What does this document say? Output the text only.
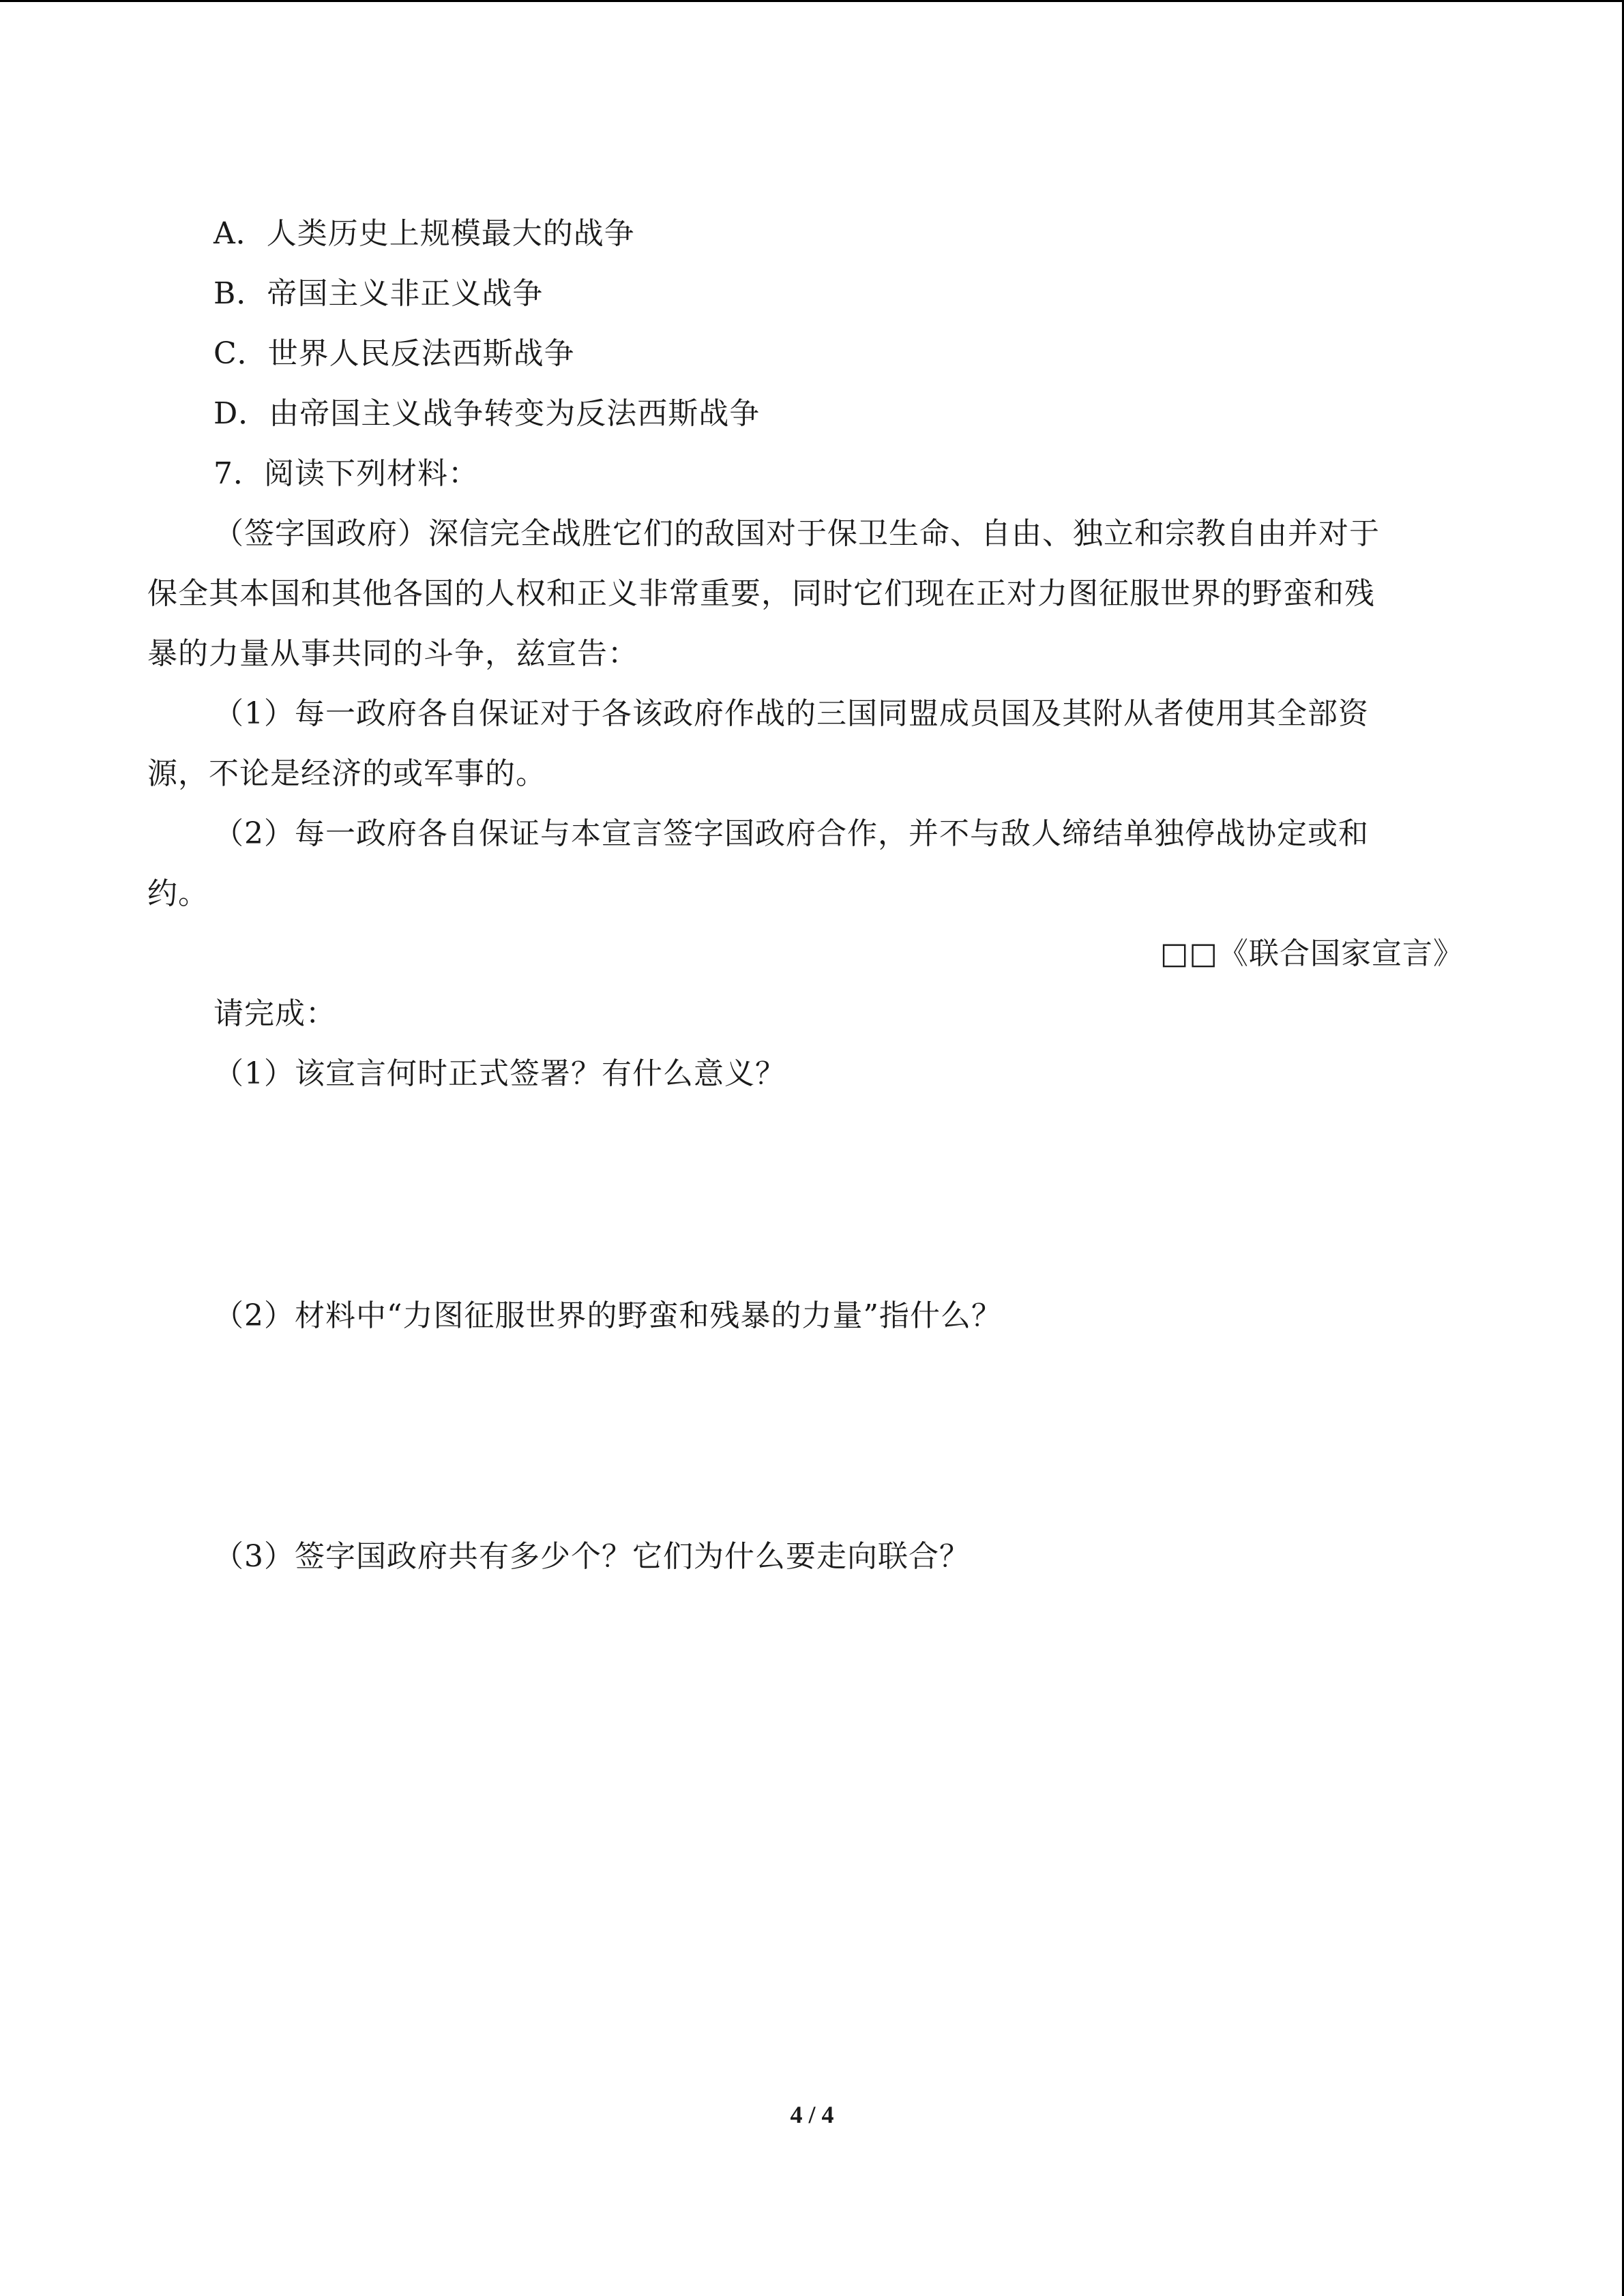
A．人类历史上规模最大的战争
B．帝国主义非正义战争
C．世界人民反法西斯战争
D．由帝国主义战争转变为反法西斯战争
7．阅读下列材料：
（签字国政府）深信完全战胜它们的敌国对于保卫生命、自由、独立和宗教自由并对于
保全其本国和其他各国的人权和正义非常重要，同时它们现在正对力图征服世界的野蛮和残
暴的力量从事共同的斗争，兹宣告：
（1）每一政府各自保证对于各该政府作战的三国同盟成员国及其附从者使用其全部资
源，不论是经济的或军事的。
（2）每一政府各自保证与本宣言签字国政府合作，并不与敌人缔结单独停战协定或和
约。
□□《联合国家宣言》
请完成：
（1）该宣言何时正式签署？有什么意义？
（2）材料中“力图征服世界的野蛮和残暴的力量”指什么？
（3）签字国政府共有多少个？它们为什么要走向联合？
4 / 4
